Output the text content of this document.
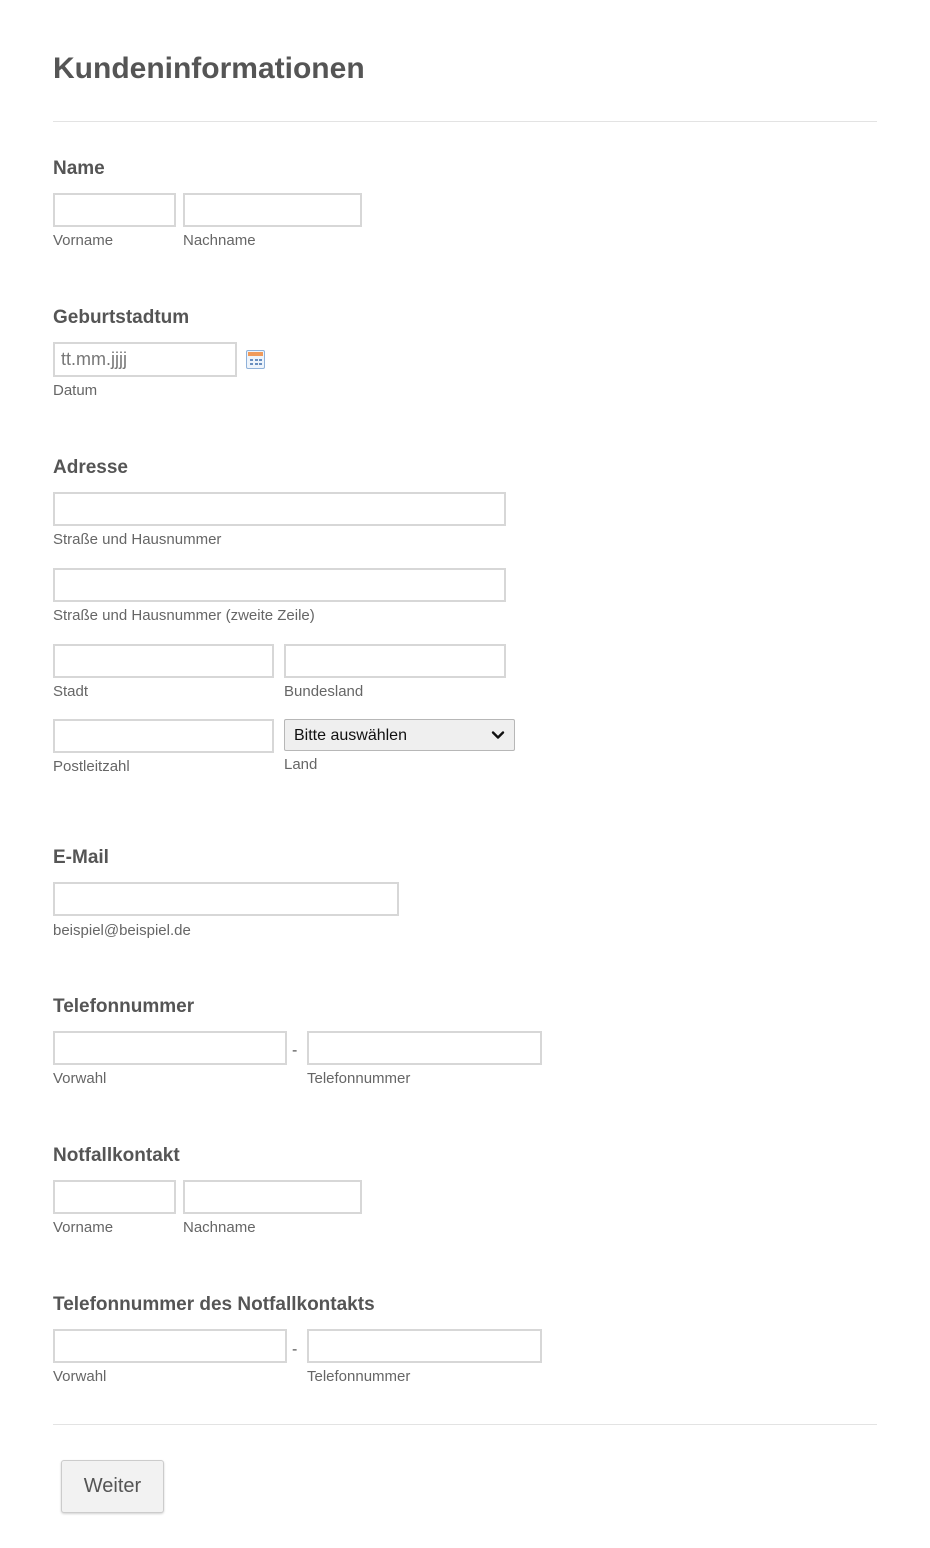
Kundeninformationen
Name
Vorname	Nachname
Geburtstadtum
tt.mm.jjjj
Datum
Adresse
Straße und Hausnummer
Straße und Hausnummer (zweite Zeile)
Stadt	Bundesland
Bitte auswählen
Postleitzahl	Land
E-Mail
beispiel@beispiel.de
Telefonnummer
-
Vorwahl	Telefonnummer
Notfallkontakt
Vorname	Nachname
Telefonnummer des Notfallkontakts
-
Vorwahl	Telefonnummer
Weiter
